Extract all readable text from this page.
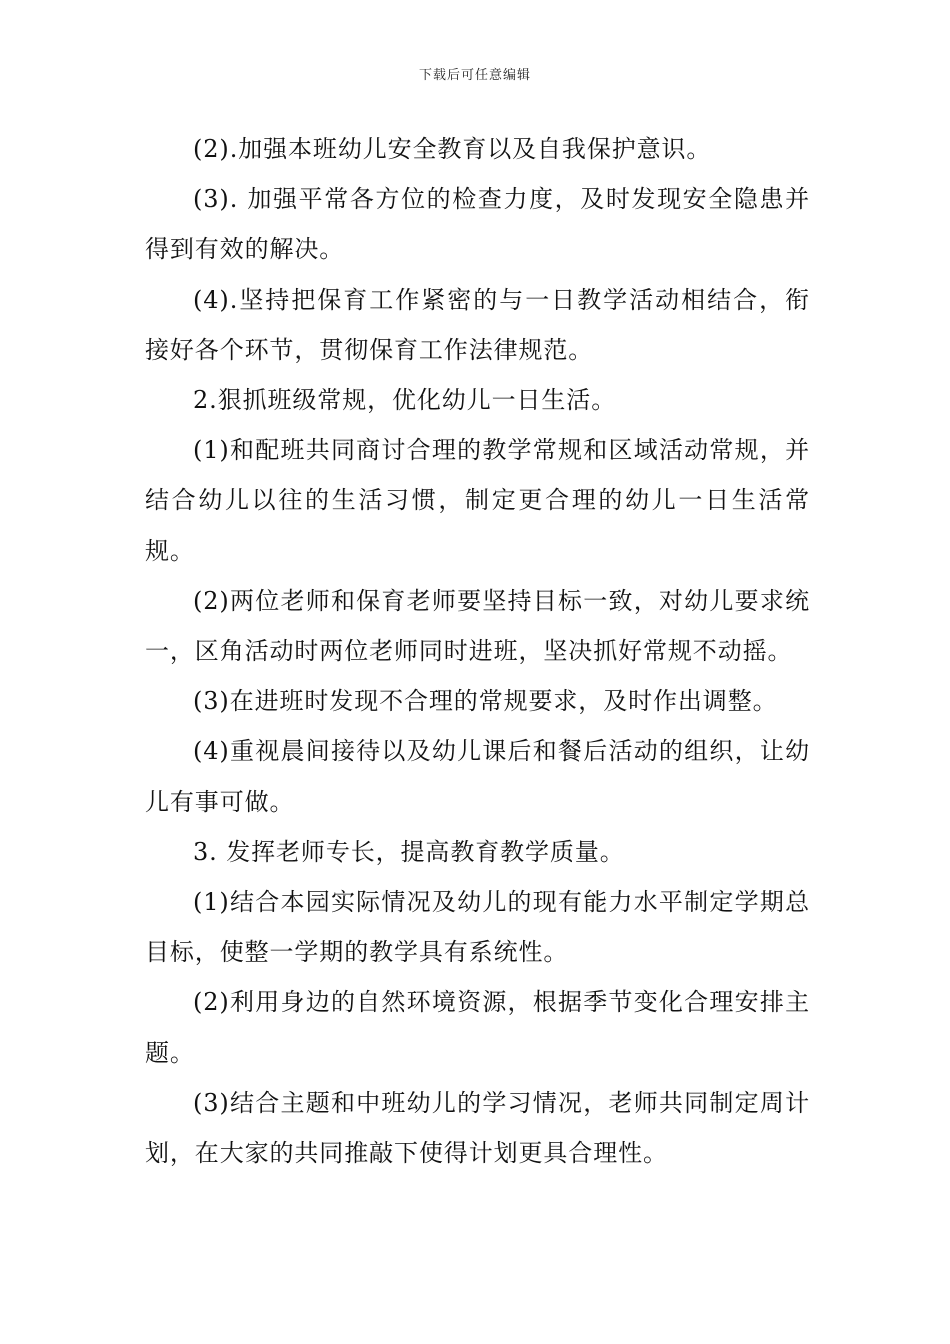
下载后可任意编辑

(2).加强本班幼儿安全教育以及自我保护意识。

(3). 加强平常各方位的检查力度，及时发现安全隐患并得到有效的解决。

(4).坚持把保育工作紧密的与一日教学活动相结合，衔接好各个环节，贯彻保育工作法律规范。

2.狠抓班级常规，优化幼儿一日生活。

(1)和配班共同商讨合理的教学常规和区域活动常规，并结合幼儿以往的生活习惯，制定更合理的幼儿一日生活常规。

(2)两位老师和保育老师要坚持目标一致，对幼儿要求统一，区角活动时两位老师同时进班，坚决抓好常规不动摇。

(3)在进班时发现不合理的常规要求，及时作出调整。

(4)重视晨间接待以及幼儿课后和餐后活动的组织，让幼儿有事可做。

3. 发挥老师专长，提高教育教学质量。

(1)结合本园实际情况及幼儿的现有能力水平制定学期总目标，使整一学期的教学具有系统性。

(2)利用身边的自然环境资源，根据季节变化合理安排主题。

(3)结合主题和中班幼儿的学习情况，老师共同制定周计划，在大家的共同推敲下使得计划更具合理性。
